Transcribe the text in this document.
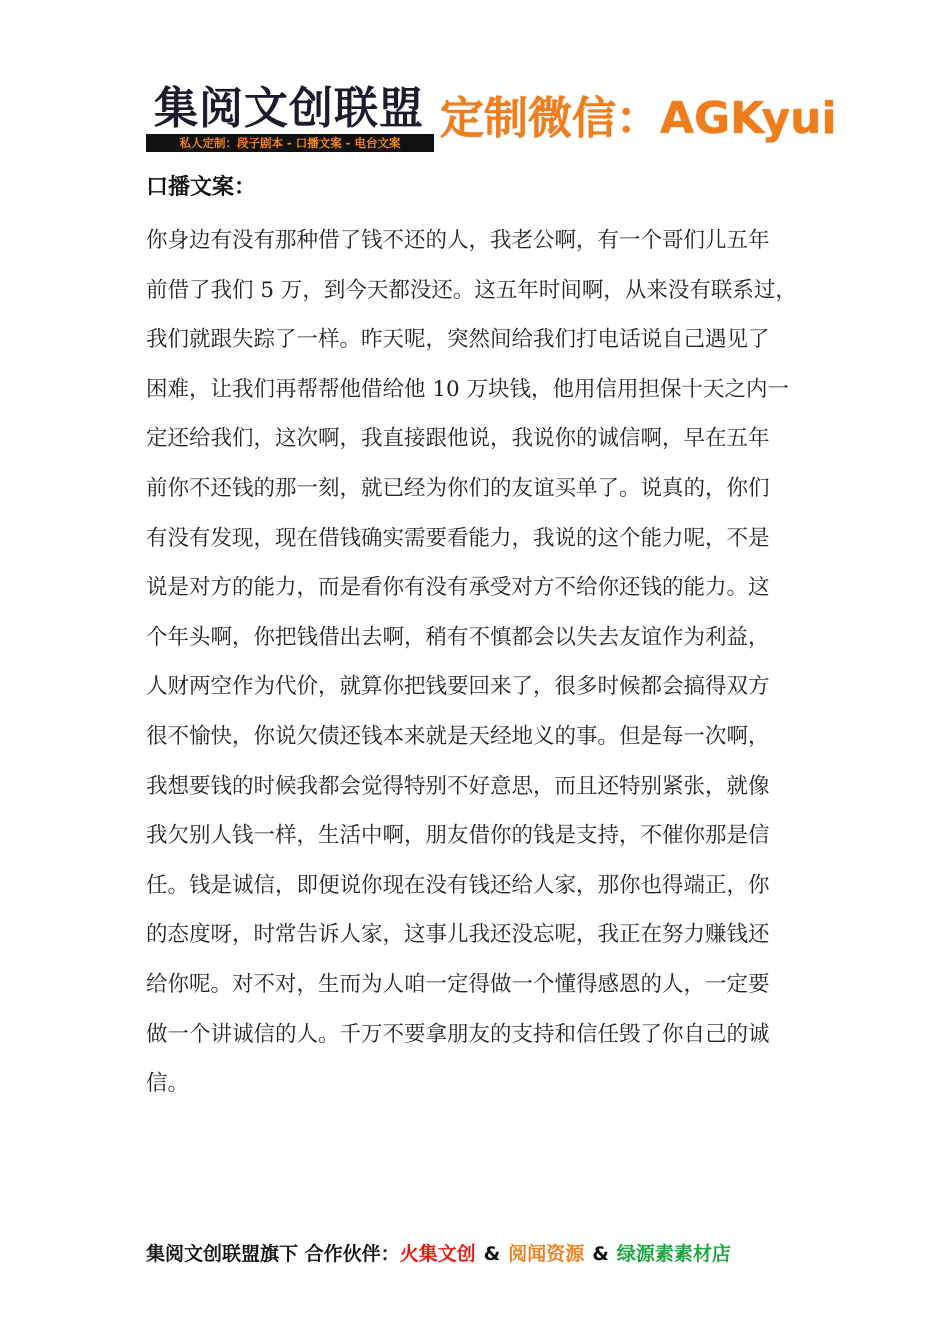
集阅文创联盟
私人定制：段子剧本 - 口播文案 - 电台文案 定制微信：AGKyui
口播文案：
你身边有没有那种借了钱不还的人，我老公啊，有一个哥们儿五年
前借了我们 5 万，到今天都没还。这五年时间啊，从来没有联系过，
我们就跟失踪了一样。昨天呢，突然间给我们打电话说自己遇见了
困难，让我们再帮帮他借给他 10 万块钱，他用信用担保十天之内一
定还给我们，这次啊，我直接跟他说，我说你的诚信啊，早在五年
前你不还钱的那一刻，就已经为你们的友谊买单了。说真的，你们
有没有发现，现在借钱确实需要看能力，我说的这个能力呢，不是
说是对方的能力，而是看你有没有承受对方不给你还钱的能力。这
个年头啊，你把钱借出去啊，稍有不慎都会以失去友谊作为利益，
人财两空作为代价，就算你把钱要回来了，很多时候都会搞得双方
很不愉快，你说欠债还钱本来就是天经地义的事。但是每一次啊，
我想要钱的时候我都会觉得特别不好意思，而且还特别紧张，就像
我欠别人钱一样，生活中啊，朋友借你的钱是支持，不催你那是信
任。钱是诚信，即便说你现在没有钱还给人家，那你也得端正，你
的态度呀，时常告诉人家，这事儿我还没忘呢，我正在努力赚钱还
给你呢。对不对，生而为人咱一定得做一个懂得感恩的人，一定要
做一个讲诚信的人。千万不要拿朋友的支持和信任毁了你自己的诚
信。
集阅文创联盟旗下 合作伙伴：火集文创 & 阅闻资源 & 绿源素素材店
